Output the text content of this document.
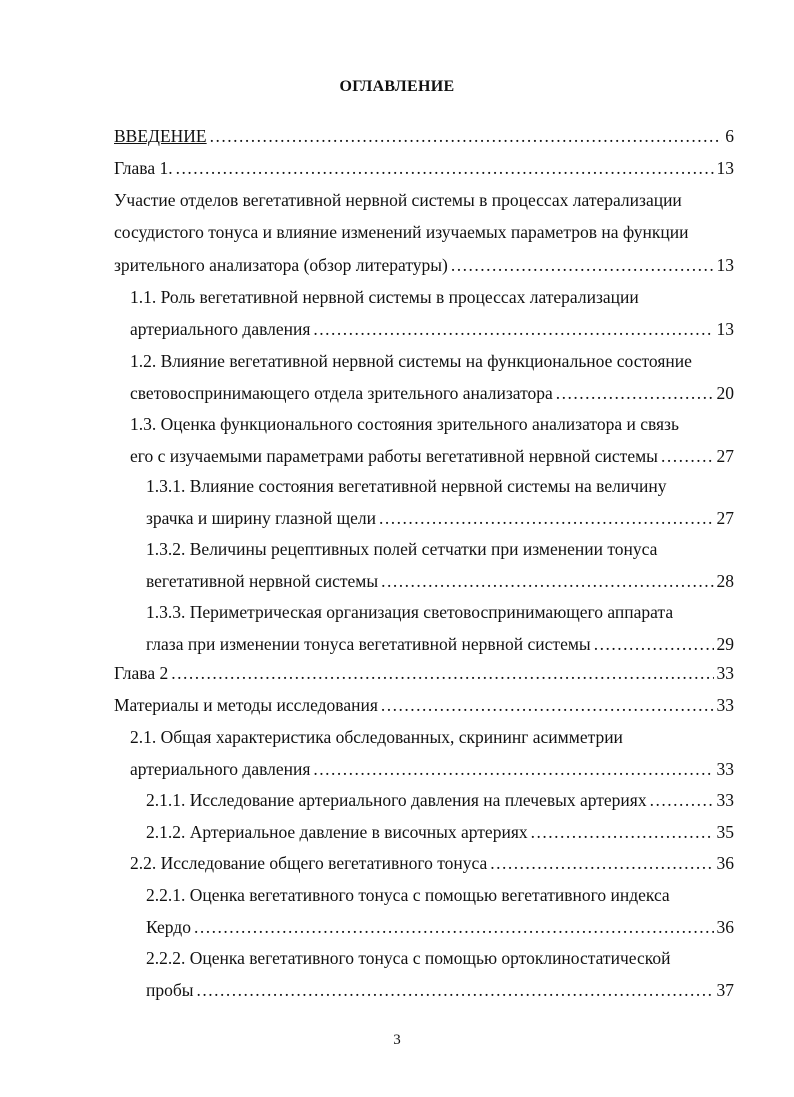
ОГЛАВЛЕНИЕ
ВВЕДЕНИЕ .....	6
Глава 1. .....	13
Участие отделов вегетативной нервной системы в процессах латерализации
сосудистого тонуса и влияние изменений изучаемых параметров на функции
зрительного анализатора (обзор литературы) .....	13
1.1. Роль вегетативной нервной системы в процессах латерализации
артериального давления .....	13
1.2. Влияние вегетативной нервной системы на функциональное состояние
световоспринимающего отдела зрительного анализатора .....	20
1.3. Оценка функционального состояния зрительного анализатора и связь
его с изучаемыми параметрами работы вегетативной нервной системы .....	27
1.3.1. Влияние состояния вегетативной нервной системы на величину
зрачка и ширину глазной щели .....	27
1.3.2. Величины рецептивных полей сетчатки при изменении тонуса
вегетативной нервной системы .....	28
1.3.3. Периметрическая организация световоспринимающего аппарата
глаза при изменении тонуса вегетативной нервной системы .....	29
Глава 2 .....	33
Материалы и методы исследования .....	33
2.1. Общая характеристика обследованных, скрининг асимметрии
артериального давления .....	33
2.1.1. Исследование артериального давления на плечевых артериях .....	33
2.1.2. Артериальное давление в височных артериях .....	35
2.2. Исследование общего вегетативного тонуса .....	36
2.2.1. Оценка вегетативного тонуса с помощью вегетативного индекса
Кердо .....	36
2.2.2. Оценка вегетативного тонуса с помощью ортоклиностатической
пробы .....	37
3
